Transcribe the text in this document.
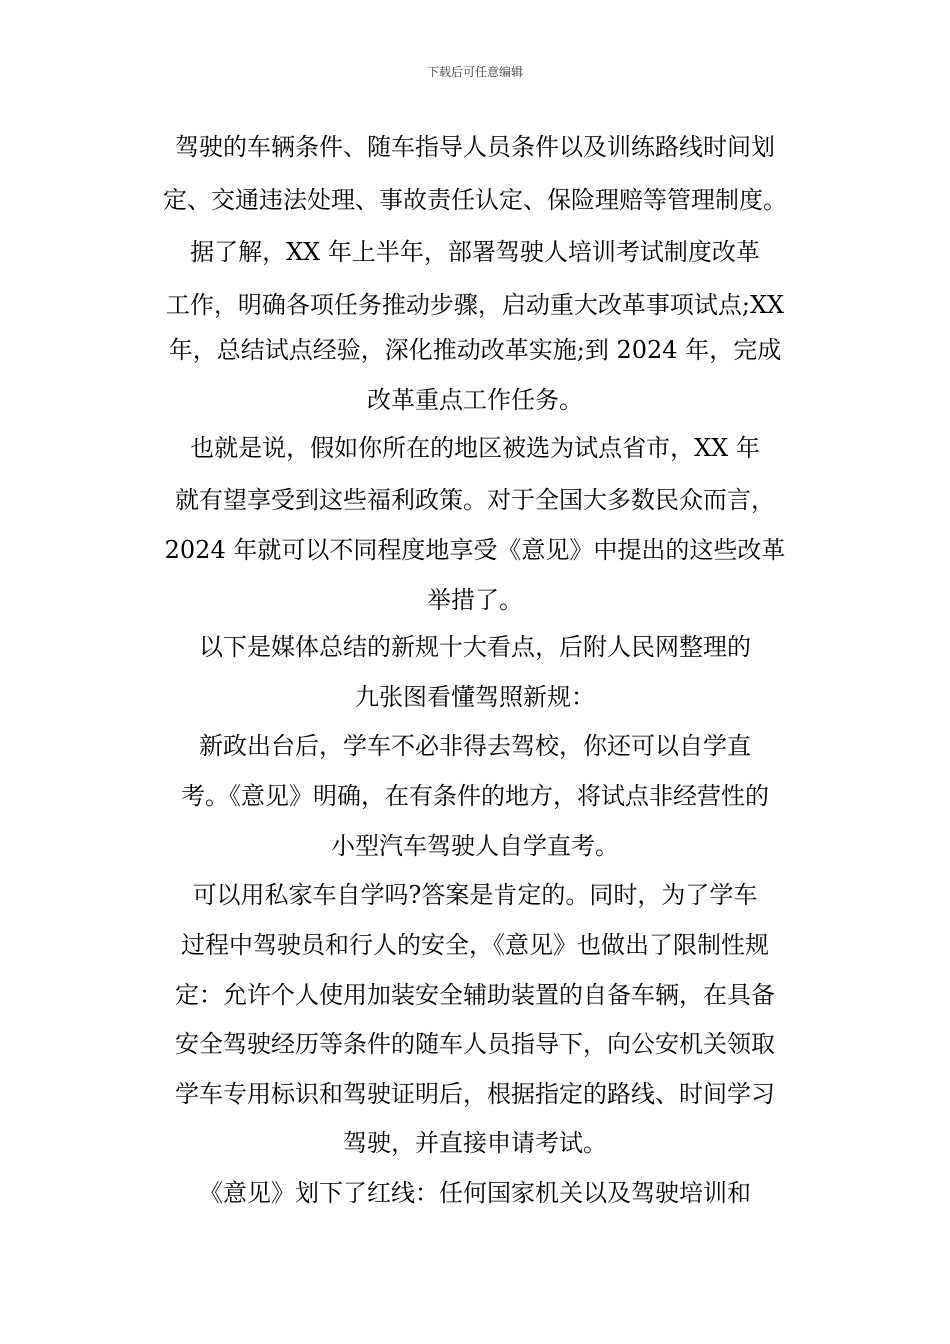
下载后可任意编辑
驾驶的车辆条件、随车指导人员条件以及训练路线时间划
定、交通违法处理、事故责任认定、保险理赔等管理制度。
据了解，XX 年上半年，部署驾驶人培训考试制度改革
工作，明确各项任务推动步骤，启动重大改革事项试点;XX
年，总结试点经验，深化推动改革实施;到 2024 年，完成
改革重点工作任务。
也就是说，假如你所在的地区被选为试点省市，XX 年
就有望享受到这些福利政策。对于全国大多数民众而言，
2024 年就可以不同程度地享受《意见》中提出的这些改革
举措了。
以下是媒体总结的新规十大看点，后附人民网整理的
九张图看懂驾照新规：
新政出台后，学车不必非得去驾校，你还可以自学直
考。《意见》明确，在有条件的地方，将试点非经营性的
小型汽车驾驶人自学直考。
可以用私家车自学吗?答案是肯定的。同时，为了学车
过程中驾驶员和行人的安全，《意见》也做出了限制性规
定：允许个人使用加装安全辅助装置的自备车辆，在具备
安全驾驶经历等条件的随车人员指导下，向公安机关领取
学车专用标识和驾驶证明后，根据指定的路线、时间学习
驾驶，并直接申请考试。
《意见》划下了红线：任何国家机关以及驾驶培训和
